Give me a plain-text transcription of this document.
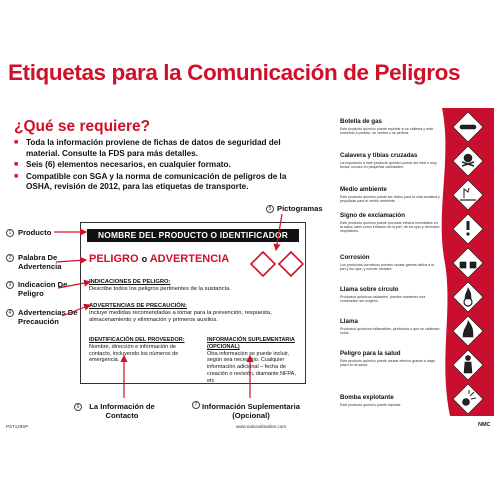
Etiquetas para la Comunicación de Peligros
¿Qué se requiere?
■ Toda la información proviene de fichas de datos de seguridad del material. Consulte la FDS para más detalles.
■ Seis (6) elementos necesarios, en cualquier formato.
■ Compatible con SGA y la norma de comunicación de peligros de la OSHA, revisión de 2012, para las etiquetas de transporte.
NOMBRE DEL PRODUCTO O IDENTIFICADOR
PELIGRO o ADVERTENCIA
INDICACIONES DE PELIGRO:
Describe todos los peligros pertinentes de la sustancia.
ADVERTENCIAS DE PRECAUCIÓN:
Incluye medidas recomendadas a tomar para la prevención, respuesta, almacenamiento y eliminación y primeros auxilios.
IDENTIFICACIÓN DEL PROVEEDOR:
Nombre, dirección e información de contacto, incluyendo los números de emergencia.
INFORMACIÓN SUPLEMENTARIA (OPCIONAL)
Otra información se puede incluir, según sea necesario. Cualquier información adicional – fecha de creación o revisión, diamante NFPA, etc
1 Producto
2 Palabra De Advertencia
3 Indicacion De Peligro
4 Advertencias De Precaución
5 Pictogramas
6	La Información de Contacto
7 Información Suplementaria (Opcional)
Botella de gas
Este producto químico puede explotar si se calienta y está sometido a presión, se ventea o se perfora.
Calavera y tibias cruzadas
La exposición a este producto químico puede ser letal o muy tóxica, incluso en pequeñas cantidades.
Medio ambiente
Este producto químico puede ser tóxico para la vida acuática y perjudicial para el medio ambiente.
Signo de exclamación
Este producto químico puede provocar efectos inmediatos en la salud, tales como irritación de la piel, de los ojos y del tracto respiratorio.
Corrosión
Los productos corrosivos pueden causar graves daños a la piel y los ojos, y corroer metales.
Llama sobre círculo
Productos químicos oxidantes, pueden mantener una combustión sin oxígeno.
Llama
Productos químicos inflamables, pirofóricos o que se calientan solos.
Peligro para la salud
Este producto químico puede causar efectos graves a largo plazo en la salud.
Bomba explotante
Este producto químico puede explotar.
PST129SP	www.nationalmarker.com	NMC
